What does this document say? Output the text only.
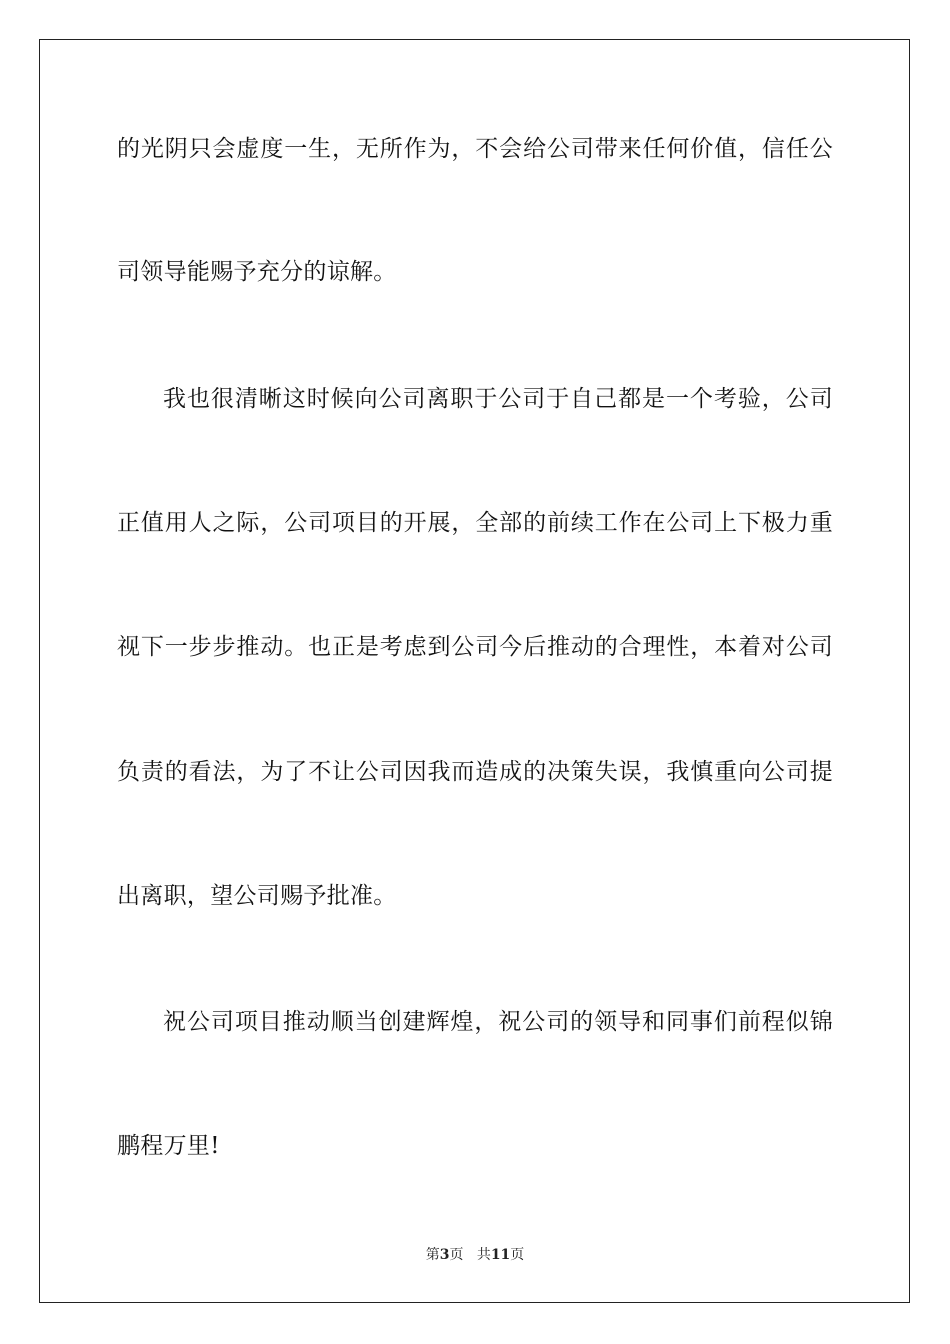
的光阴只会虚度一生，无所作为，不会给公司带来任何价值，信任公

司领导能赐予充分的谅解。

我也很清晰这时候向公司离职于公司于自己都是一个考验，公司

正值用人之际，公司项目的开展，全部的前续工作在公司上下极力重

视下一步步推动。也正是考虑到公司今后推动的合理性，本着对公司

负责的看法，为了不让公司因我而造成的决策失误，我慎重向公司提

出离职，望公司赐予批准。

祝公司项目推动顺当创建辉煌，祝公司的领导和同事们前程似锦

鹏程万里!

第3页 共11页
